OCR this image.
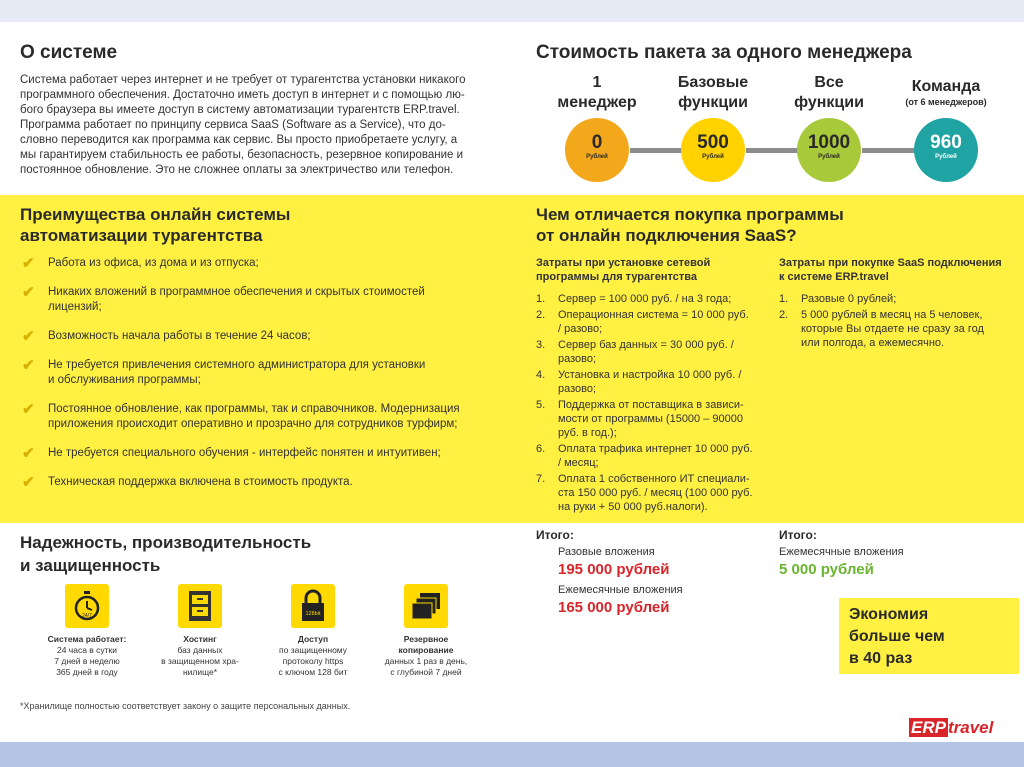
О системе
Система работает через интернет и не требует от турагентства установки никакого
программного обеспечения. Достаточно иметь доступ в интернет и с помощью лю-
бого браузера вы имеете доступ в систему автоматизации турагентств ERP.travel.
Программа работает по принципу сервиса SaaS (Software as a Service), что до-
словно переводится как программа как сервис. Вы просто приобретаете услугу, а
мы гарантируем стабильность ее работы, безопасность, резервное копирование и
постоянное обновление. Это не сложнее оплаты за электричество или телефон.
Стоимость пакета за одного менеджера
1
менеджер
Базовые
функции
Все
функции
Команда
(от 6 менеджеров)
0
Рублей
500
Рублей
1000
Рублей
960
Рублей
Преимущества онлайн системы
автоматизации турагентства
✔ Работа из офиса, из дома и из отпуска;
✔ Никаких вложений в программное обеспечения и скрытых стоимостей
лицензий;
✔ Возможность начала работы в течение 24 часов;
✔ Не требуется привлечения системного администратора для установки
и обслуживания программы;
✔ Постоянное обновление, как программы, так и справочников. Модернизация
приложения происходит оперативно и прозрачно для сотрудников турфирм;
✔ Не требуется специального обучения - интерфейс понятен и интуитивен;
✔ Техническая поддержка включена в стоимость продукта.
Чем отличается покупка программы
от онлайн подключения SaaS?
Затраты при установке сетевой
программы для турагентства
1. Сервер = 100 000 руб. / на 3 года;
2. Операционная система = 10 000 руб.
/ разово;
3. Сервер баз данных = 30 000 руб. /
разово;
4. Установка и настройка 10 000 руб. /
разово;
5. Поддержка от поставщика в зависи-
мости от программы (15000 – 90000
руб. в год.);
6. Оплата трафика интернет 10 000 руб.
/ месяц;
7. Оплата 1 собственного ИТ специали-
ста 150 000 руб. / месяц (100 000 руб.
на руки + 50 000 руб.налоги).
Затраты при покупке SaaS подключения
к системе ERP.travel
1. Разовые 0 рублей;
2. 5 000 рублей в месяц на 5 человек,
которые Вы отдаете не сразу за год
или полгода, а ежемесячно.
Надежность, производительность
и защищенность
24/7
Система работает:
24 часа в сутки
7 дней в неделю
365 дней в году
Хостинг
баз данных
в защищенном хра-
нилище*
128bit
Доступ
по защищенному
протоколу https
с ключом 128 бит
Резервное
копирование
данных 1 раз в день,
с глубиной 7 дней
*Хранилище полностью соответствует закону о защите персональных данных.
Итого:
Разовые вложения
195 000 рублей
Ежемесячные вложения
165 000 рублей
Итого:
Ежемесячные вложения
5 000 рублей
Экономия
больше чем
в 40 раз
ERP travel
